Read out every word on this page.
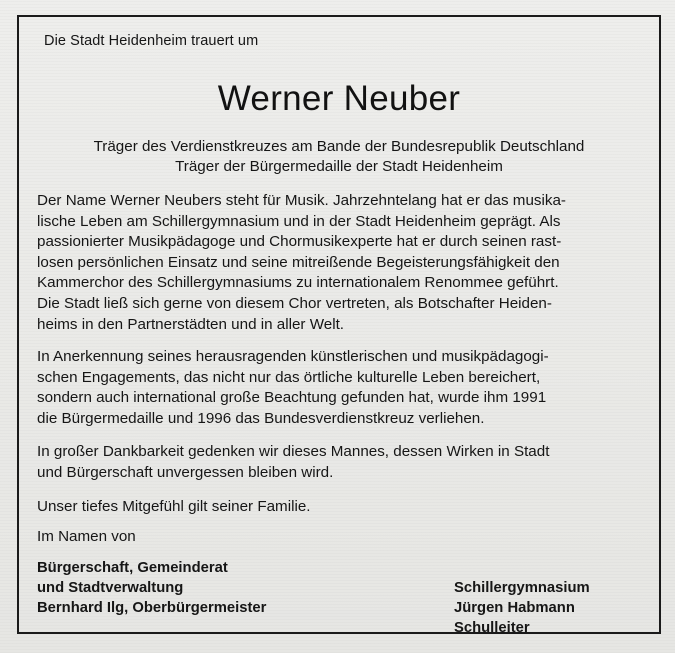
Die Stadt Heidenheim trauert um
Werner Neuber
Träger des Verdienstkreuzes am Bande der Bundesrepublik Deutschland
Träger der Bürgermedaille der Stadt Heidenheim
Der Name Werner Neubers steht für Musik. Jahrzehntelang hat er das musika-
lische Leben am Schillergymnasium und in der Stadt Heidenheim geprägt. Als
passionierter Musikpädagoge und Chormusikexperte hat er durch seinen rast-
losen persönlichen Einsatz und seine mitreißende Begeisterungsfähigkeit den
Kammerchor des Schillergymnasiums zu internationalem Renommee geführt.
Die Stadt ließ sich gerne von diesem Chor vertreten, als Botschafter Heiden-
heims in den Partnerstädten und in aller Welt.
In Anerkennung seines herausragenden künstlerischen und musikpädagogi-
schen Engagements, das nicht nur das örtliche kulturelle Leben bereichert,
sondern auch international große Beachtung gefunden hat, wurde ihm 1991
die Bürgermedaille und 1996 das Bundesverdienstkreuz verliehen.
In großer Dankbarkeit gedenken wir dieses Mannes, dessen Wirken in Stadt
und Bürgerschaft unvergessen bleiben wird.
Unser tiefes Mitgefühl gilt seiner Familie.
Im Namen von
Bürgerschaft, Gemeinderat
und Stadtverwaltung
Bernhard Ilg, Oberbürgermeister
Schillergymnasium
Jürgen Habmann
Schulleiter
